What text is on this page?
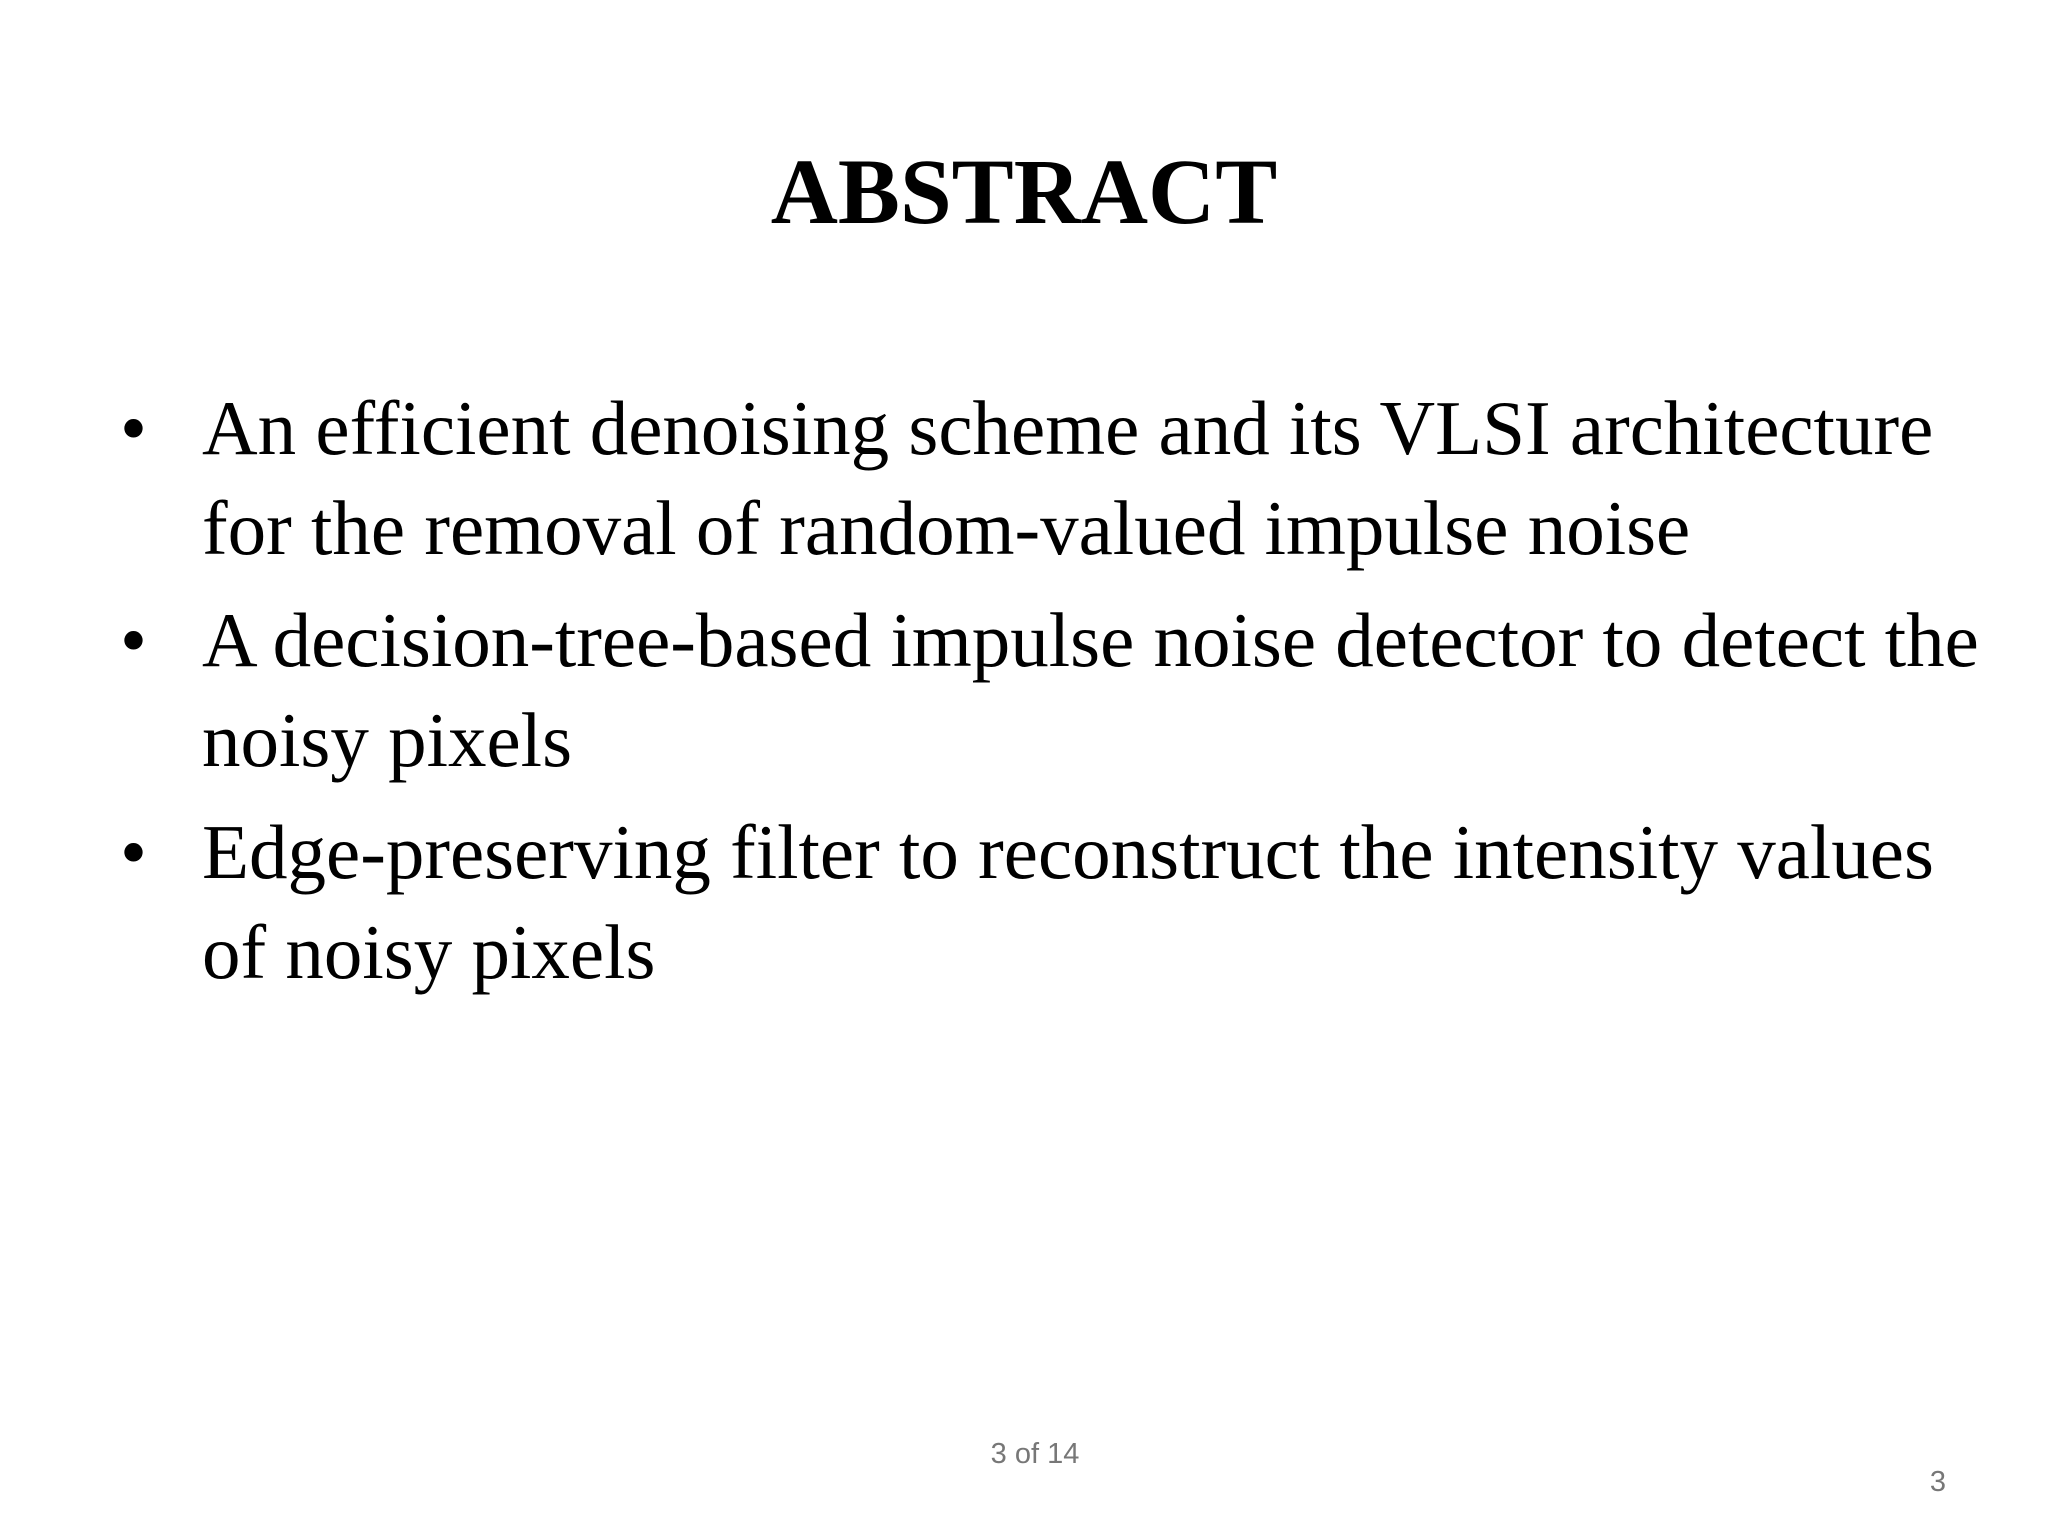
ABSTRACT
• An efficient denoising scheme and its VLSI architecture for the removal of random-valued impulse noise
• A decision-tree-based impulse noise detector to detect the noisy pixels
• Edge-preserving filter to reconstruct the intensity values of noisy pixels
3 of 14
3
